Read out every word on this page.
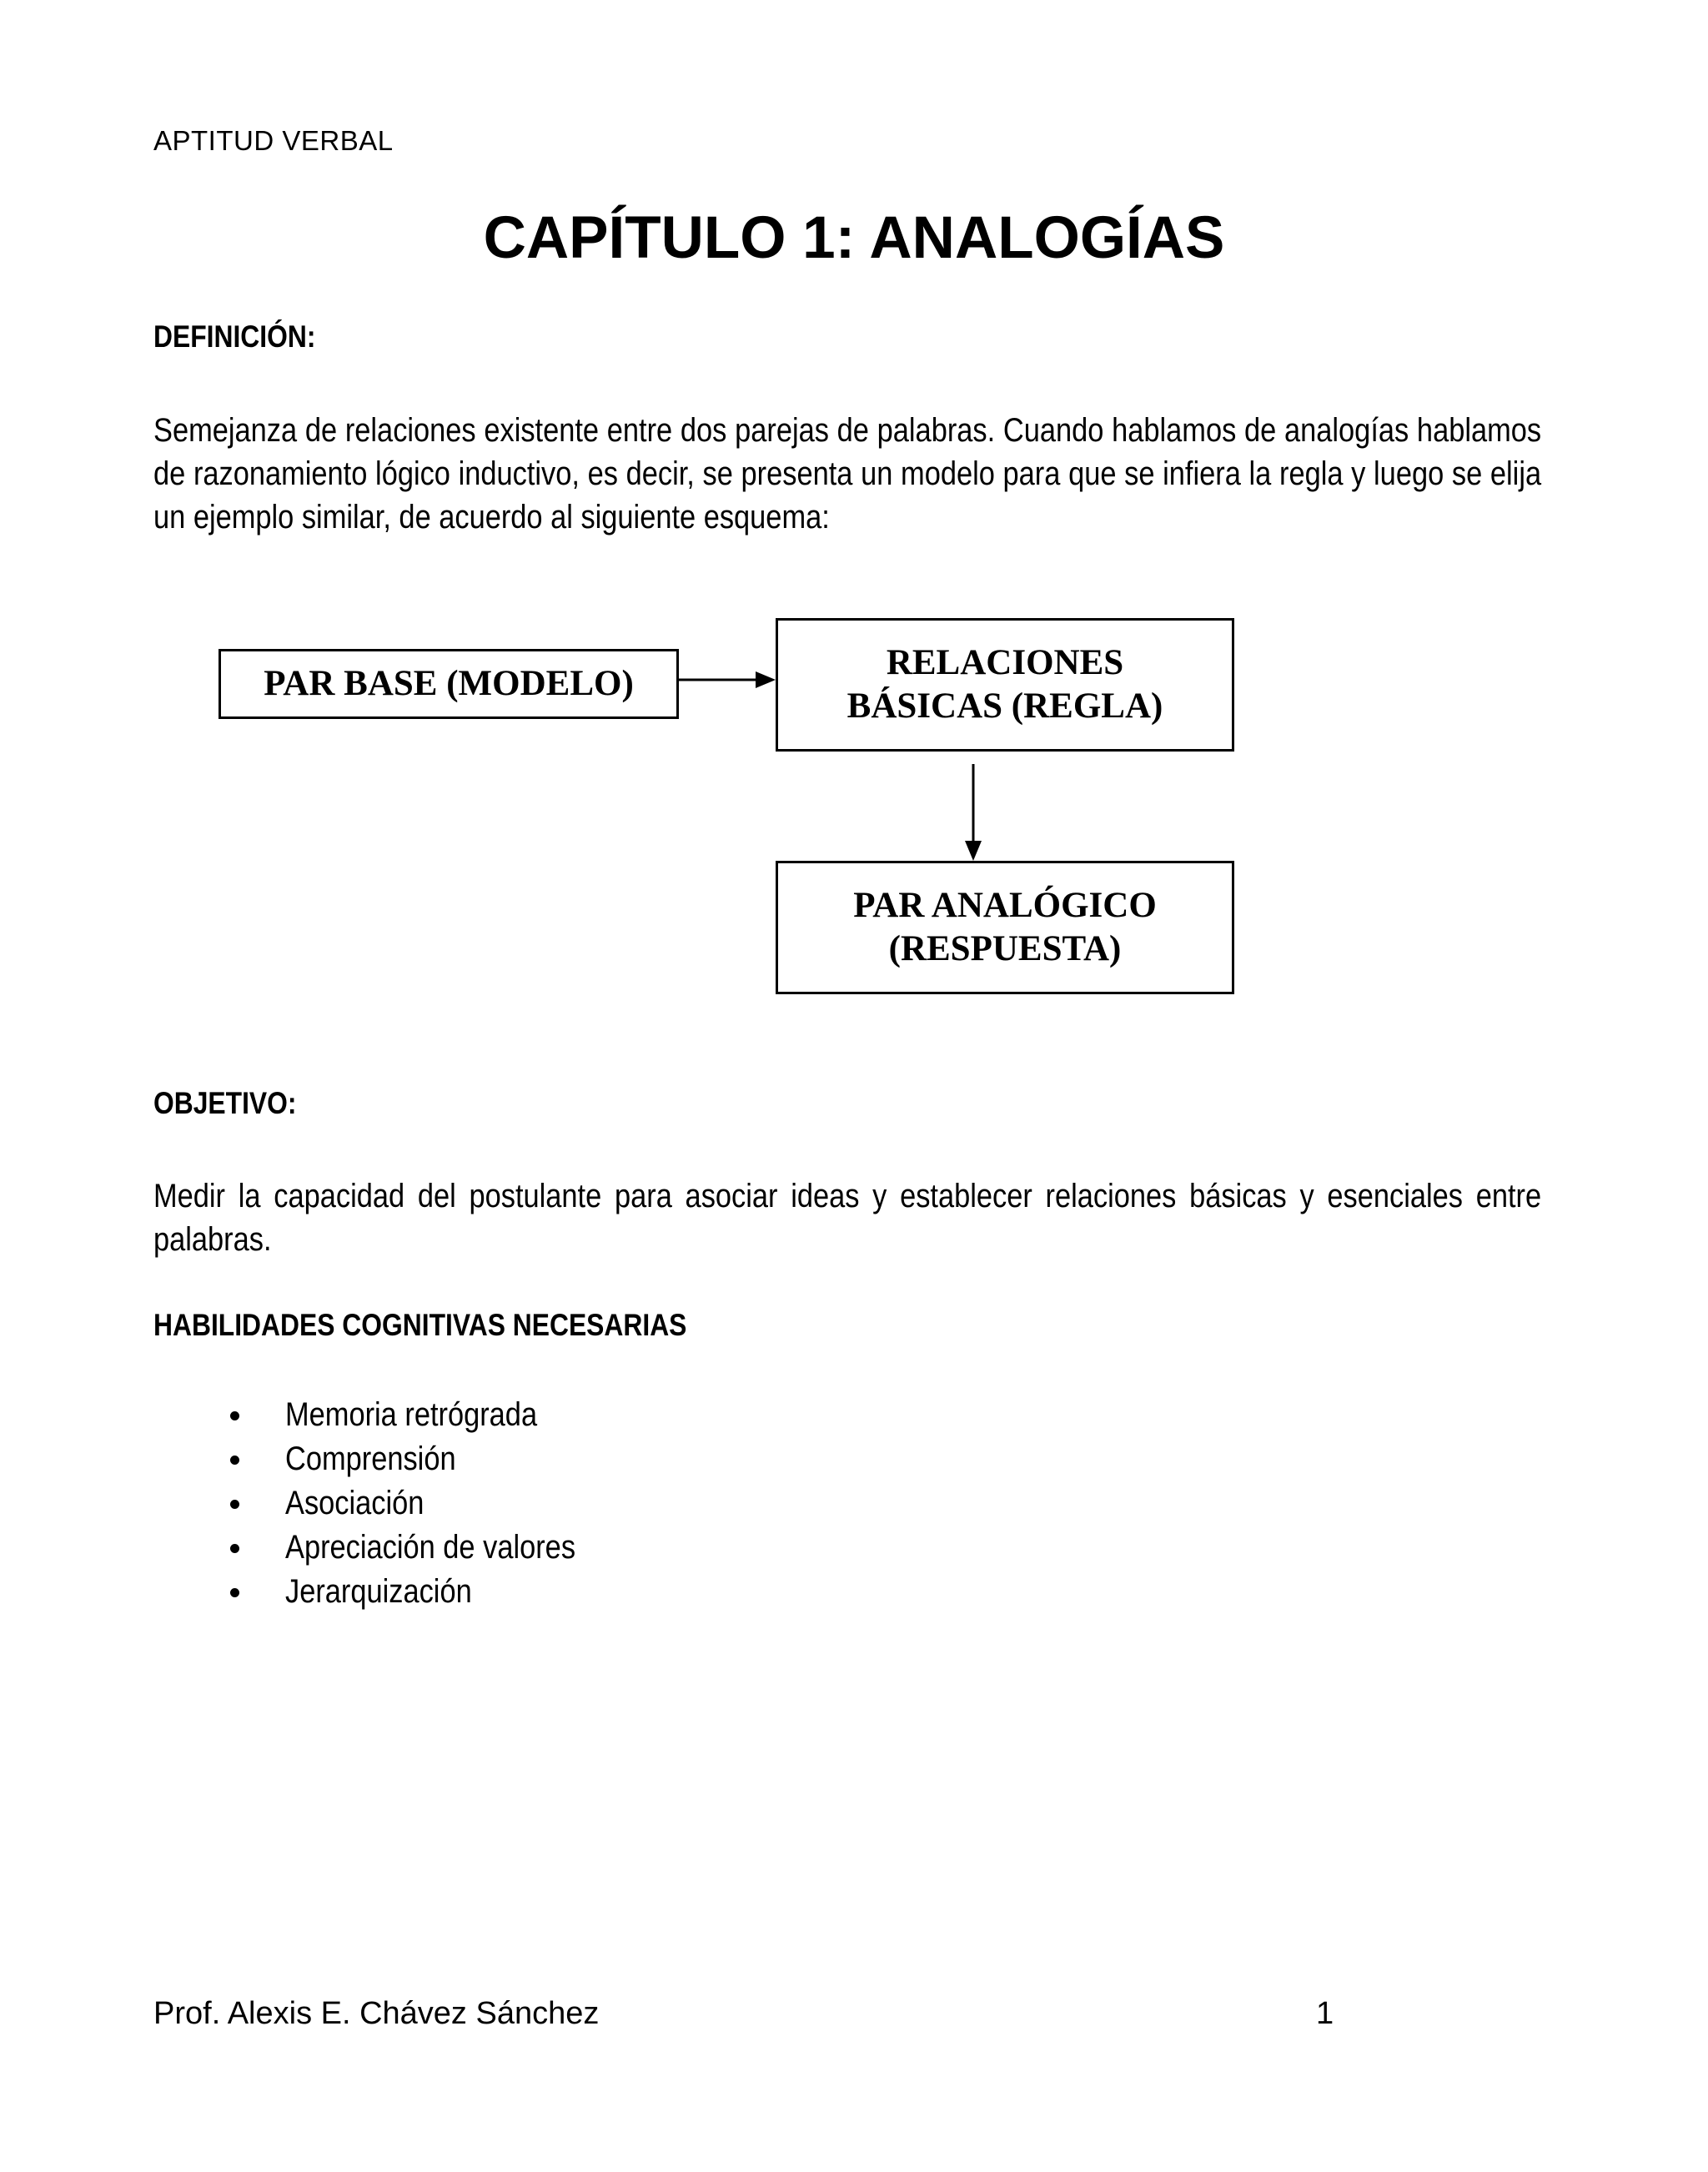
APTITUD VERBAL
CAPÍTULO 1: ANALOGÍAS
DEFINICIÓN:

Semejanza de relaciones existente entre dos parejas de palabras. Cuando hablamos de analogías hablamos de razonamiento lógico inductivo, es decir, se presenta un modelo para que se infiera la regla y luego se elija un ejemplo similar, de acuerdo al siguiente esquema:

PAR BASE (MODELO)
RELACIONES
BÁSICAS (REGLA)
PAR ANALÓGICO
(RESPUESTA)
OBJETIVO:

Medir la capacidad del postulante para asociar ideas y establecer relaciones básicas y esenciales entre palabras.

HABILIDADES COGNITIVAS NECESARIAS
Memoria retrógrada
Comprensión
Asociación
Apreciación de valores
Jerarquización
Prof. Alexis E. Chávez Sánchez	1
